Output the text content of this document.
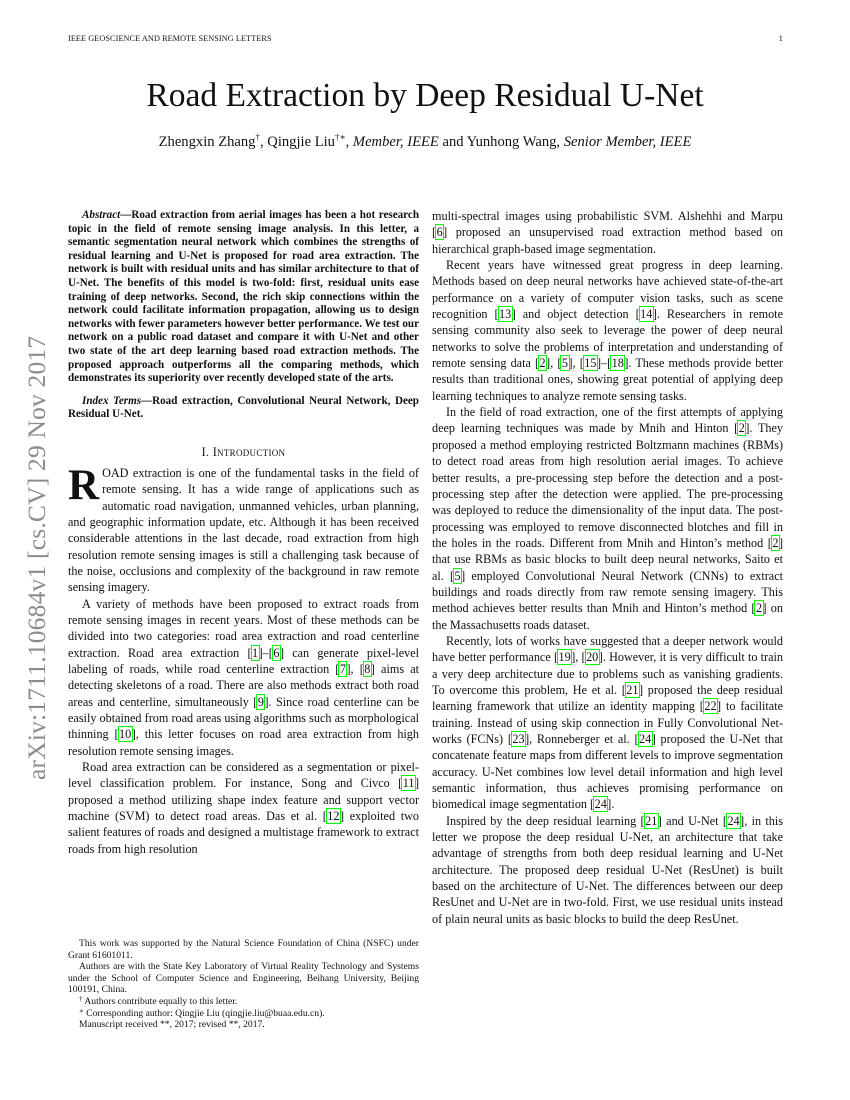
IEEE GEOSCIENCE AND REMOTE SENSING LETTERS	1
arXiv:1711.10684v1 [cs.CV] 29 Nov 2017
Road Extraction by Deep Residual U-Net
Zhengxin Zhang†, Qingjie Liu†∗, Member, IEEE and Yunhong Wang, Senior Member, IEEE

Abstract—Road extraction from aerial images has been a hot research topic in the field of remote sensing image analysis. In this letter, a semantic segmentation neural network which combines the strengths of residual learning and U-Net is proposed for road area extraction. The network is built with residual units and has similar architecture to that of U-Net. The benefits of this model is two-fold: first, residual units ease training of deep networks. Second, the rich skip connections within the network could facilitate information propagation, allowing us to design networks with fewer parameters however better performance. We test our network on a public road dataset and compare it with U-Net and other two state of the art deep learning based road extraction methods. The proposed approach outperforms all the comparing methods, which demonstrates its superiority over recently developed state of the arts.

Index Terms—Road extraction, Convolutional Neural Network, Deep Residual U-Net.

I. Introduction

ROAD extraction is one of the fundamental tasks in the field of remote sensing. It has a wide range of applications such as automatic road navigation, unmanned vehicles, urban planning, and geographic information update, etc. Although it has been received considerable attentions in the last decade, road extraction from high resolution remote sensing images is still a challenging task because of the noise, occlusions and complexity of the background in raw remote sensing imagery.

A variety of methods have been proposed to extract roads from remote sensing images in recent years. Most of these methods can be divided into two categories: road area extraction and road centerline extraction. Road area extraction [1]–[6] can generate pixel-level labeling of roads, while road centerline extraction [7], [8] aims at detecting skeletons of a road. There are also methods extract both road areas and centerline, simultaneously [9]. Since road centerline can be easily obtained from road areas using algorithms such as morphological thinning [10], this letter focuses on road area extraction from high resolution remote sensing images.

Road area extraction can be considered as a segmentation or pixel-level classification problem. For instance, Song and Civco [11] proposed a method utilizing shape index feature and support vector machine (SVM) to detect road areas. Das et al. [12] exploited two salient features of roads and designed a multistage framework to extract roads from high resolution

This work was supported by the Natural Science Foundation of China (NSFC) under Grant 61601011.

Authors are with the State Key Laboratory of Virtual Reality Technology and Systems under the School of Computer Science and Engineering, Beihang University, Beijing 100191, China.

† Authors contribute equally to this letter.

∗ Corresponding author: Qingjie Liu (qingjie.liu@buaa.edu.cn).

Manuscript received **, 2017; revised **, 2017.

multi-spectral images using probabilistic SVM. Alshehhi and Marpu [6] proposed an unsupervised road extraction method based on hierarchical graph-based image segmentation.

Recent years have witnessed great progress in deep learning. Methods based on deep neural networks have achieved state-of-the-art performance on a variety of computer vision tasks, such as scene recognition [13] and object detection [14]. Researchers in remote sensing community also seek to leverage the power of deep neural networks to solve the problems of interpretation and understanding of remote sensing data [2], [5], [15]–[18]. These methods provide better results than traditional ones, showing great potential of applying deep learning techniques to analyze remote sensing tasks.

In the field of road extraction, one of the first attempts of applying deep learning techniques was made by Mnih and Hinton [2]. They proposed a method employing restricted Boltzmann machines (RBMs) to detect road areas from high resolution aerial images. To achieve better results, a pre-processing step before the detection and a post-processing step after the detection were applied. The pre-processing was deployed to reduce the dimensionality of the input data. The post-processing was employed to remove disconnected blotches and fill in the holes in the roads. Different from Mnih and Hinton’s method [2] that use RBMs as basic blocks to built deep neural networks, Saito et al. [5] employed Convolutional Neural Network (CNNs) to extract buildings and roads directly from raw remote sensing imagery. This method achieves better results than Mnih and Hinton’s method [2] on the Massachusetts roads dataset.

Recently, lots of works have suggested that a deeper network would have better performance [19], [20]. However, it is very difficult to train a very deep architecture due to problems such as vanishing gradients. To overcome this problem, He et al. [21] proposed the deep residual learning framework that utilize an identity mapping [22] to facilitate training. Instead of using skip connection in Fully Convolutional Networks (FCNs) [23], Ronneberger et al. [24] proposed the U-Net that concatenate feature maps from different levels to improve segmentation accuracy. U-Net combines low level detail information and high level semantic information, thus achieves promising performance on biomedical image segmentation [24].

Inspired by the deep residual learning [21] and U-Net [24], in this letter we propose the deep residual U-Net, an architecture that take advantage of strengths from both deep residual learning and U-Net architecture. The proposed deep residual U-Net (ResUnet) is built based on the architecture of U-Net. The differences between our deep ResUnet and U-Net are in two-fold. First, we use residual units instead of plain neural units as basic blocks to build the deep ResUnet.
